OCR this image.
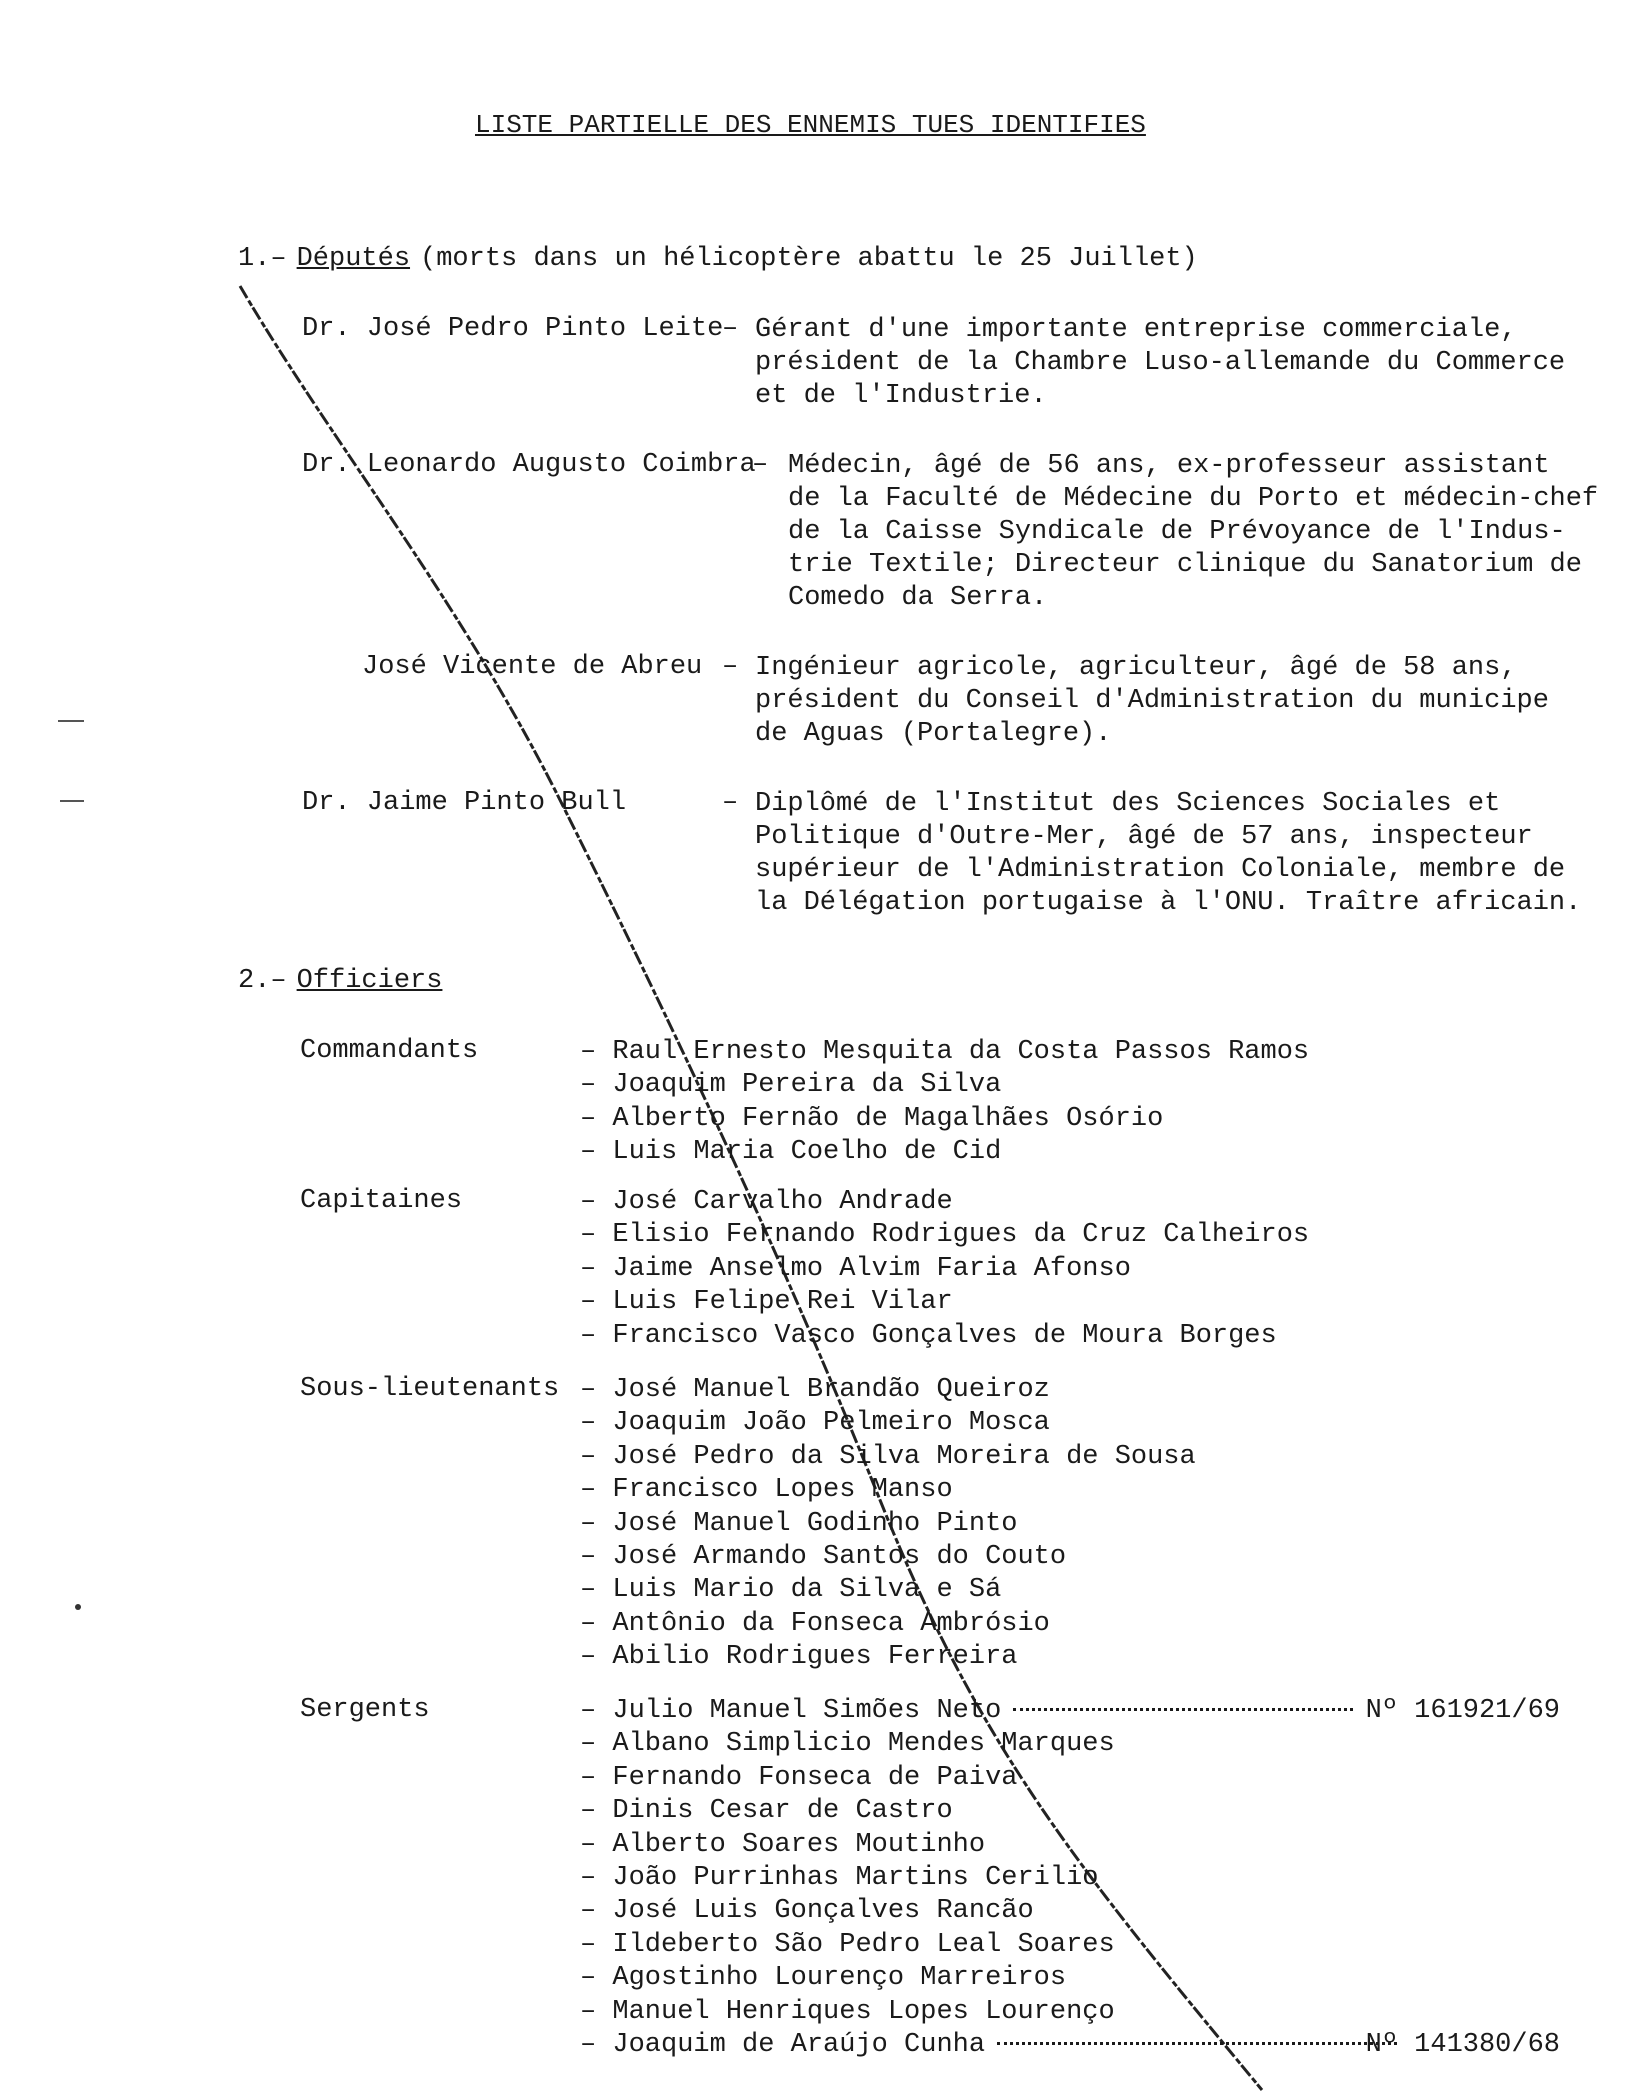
LISTE PARTIELLE DES ENNEMIS TUES IDENTIFIES
1.– Députés (morts dans un hélicoptère abattu le 25 Juillet)
Dr. José Pedro Pinto Leite
– Gérant d'une importante entreprise commerciale,
président de la Chambre Luso-allemande du Commerce
et de l'Industrie.
Dr. Leonardo Augusto Coimbra
– Médecin, âgé de 56 ans, ex-professeur assistant
de la Faculté de Médecine du Porto et médecin-chef
de la Caisse Syndicale de Prévoyance de l'Indus-
trie Textile; Directeur clinique du Sanatorium de
Comedo da Serra.
José Vicente de Abreu – Ingénieur agricole, agriculteur, âgé de 58 ans,
président du Conseil d'Administration du municipe
de Aguas (Portalegre).
Dr. Jaime Pinto Bull	– Diplômé de l'Institut des Sciences Sociales et
Politique d'Outre-Mer, âgé de 57 ans, inspecteur
supérieur de l'Administration Coloniale, membre de
la Délégation portugaise à l'ONU. Traître africain.
2.– Officiers
Commandants	– Raul Ernesto Mesquita da Costa Passos Ramos
– Joaquim Pereira da Silva
– Alberto Fernão de Magalhães Osório
– Luis Maria Coelho de Cid
Capitaines	– José Carvalho Andrade
– Elisio Fernando Rodrigues da Cruz Calheiros
– Jaime Anselmo Alvim Faria Afonso
– Luis Felipe Rei Vilar
– Francisco Vasco Gonçalves de Moura Borges
Sous-lieutenants	– José Manuel Brandão Queiroz
– Joaquim João Pelmeiro Mosca
– José Pedro da Silva Moreira de Sousa
– Francisco Lopes Manso
– José Manuel Godinho Pinto
– José Armando Santos do Couto
– Luis Mario da Silva e Sá
– Antônio da Fonseca Ambrósio
– Abilio Rodrigues Ferreira
Sergents	– Julio Manuel Simões Neto	Nº 161921/69
– Albano Simplicio Mendes Marques
– Fernando Fonseca de Paiva
– Dinis Cesar de Castro
– Alberto Soares Moutinho
– João Purrinhas Martins Cerilio
– José Luis Gonçalves Rancão
– Ildeberto São Pedro Leal Soares
– Agostinho Lourenço Marreiros
– Manuel Henriques Lopes Lourenço
– Joaquim de Araújo Cunha	Nº 141380/68
